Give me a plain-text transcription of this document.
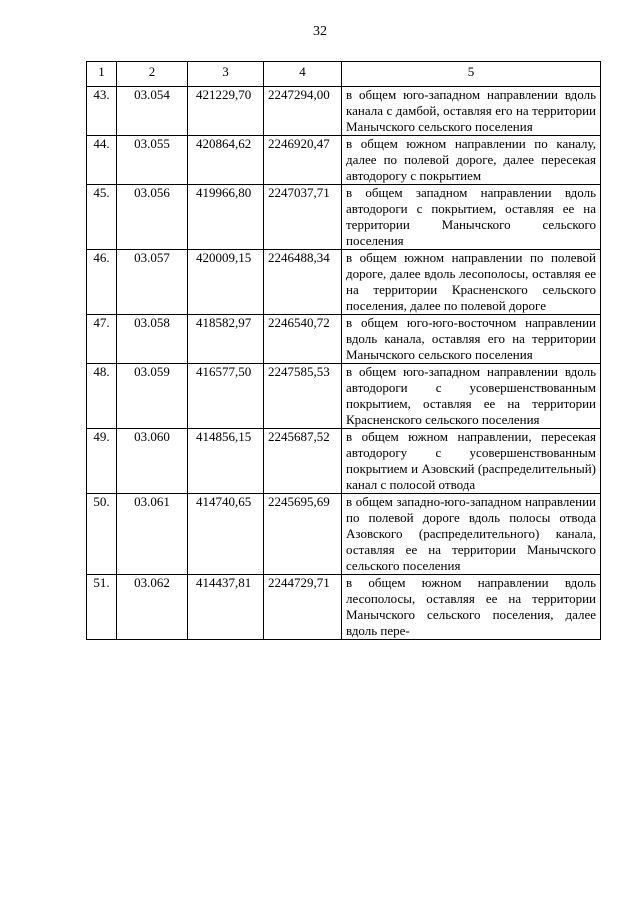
32
1	2	3	4	5
43.	03.054	421229,70	2247294,00	в общем юго-западном направлении вдоль канала с дамбой, оставляя его на территории Манычского сельского поселения
44.	03.055	420864,62	2246920,47	в общем южном направлении по каналу, далее по полевой дороге, далее пересекая автодорогу с покрытием
45.	03.056	419966,80	2247037,71	в общем западном направлении вдоль автодороги с покрытием, оставляя ее на территории Манычского сельского поселения
46.	03.057	420009,15	2246488,34	в общем южном направлении по полевой дороге, далее вдоль лесополосы, оставляя ее на территории Красненского сельского поселения, далее по полевой дороге
47.	03.058	418582,97	2246540,72	в общем юго-юго-восточном направлении вдоль канала, оставляя его на территории Манычского сельского поселения
48.	03.059	416577,50	2247585,53	в общем юго-западном направлении вдоль автодороги с усовершенствованным покрытием, оставляя ее на территории Красненского сельского поселения
49.	03.060	414856,15	2245687,52	в общем южном направлении, пересекая автодорогу с усовершенствованным покрытием и Азовский (распределительный) канал с полосой отвода
50.	03.061	414740,65	2245695,69	в общем западно-юго-западном направлении по полевой дороге вдоль полосы отвода Азовского (распределительного) канала, оставляя ее на территории Манычского сельского поселения
51.	03.062	414437,81	2244729,71	в общем южном направлении вдоль лесополосы, оставляя ее на территории Манычского сельского поселения, далее вдоль пере-
